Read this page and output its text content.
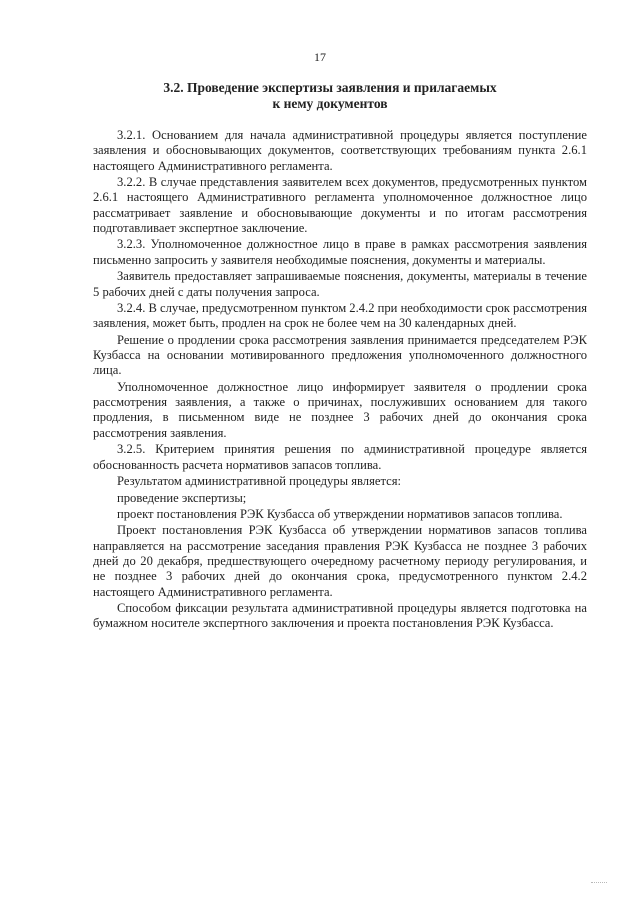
17
3.2. Проведение экспертизы заявления и прилагаемых
к нему документов

3.2.1. Основанием для начала административной процедуры является поступление заявления и обосновывающих документов, соответствующих требованиям пункта 2.6.1 настоящего Административного регламента.

3.2.2. В случае представления заявителем всех документов, предусмотренных пунктом 2.6.1 настоящего Административного регламента уполномоченное должностное лицо рассматривает заявление и обосновывающие документы и по итогам рассмотрения подготавливает экспертное заключение.

3.2.3. Уполномоченное должностное лицо в праве в рамках рассмотрения заявления письменно запросить у заявителя необходимые пояснения, документы и материалы.

Заявитель предоставляет запрашиваемые пояснения, документы, материалы в течение 5 рабочих дней с даты получения запроса.

3.2.4. В случае, предусмотренном пунктом 2.4.2 при необходимости срок рассмотрения заявления, может быть, продлен на срок не более чем на 30 календарных дней.

Решение о продлении срока рассмотрения заявления принимается председателем РЭК Кузбасса на основании мотивированного предложения уполномоченного должностного лица.

Уполномоченное должностное лицо информирует заявителя о продлении срока рассмотрения заявления, а также о причинах, послуживших основанием для такого продления, в письменном виде не позднее 3 рабочих дней до окончания срока рассмотрения заявления.

3.2.5. Критерием принятия решения по административной процедуре является обоснованность расчета нормативов запасов топлива.

Результатом административной процедуры является:

проведение экспертизы;

проект постановления РЭК Кузбасса об утверждении нормативов запасов топлива.

Проект постановления РЭК Кузбасса об утверждении нормативов запасов топлива направляется на рассмотрение заседания правления РЭК Кузбасса не позднее 3 рабочих дней до 20 декабря, предшествующего очередному расчетному периоду регулирования, и не позднее 3 рабочих дней до окончания срока, предусмотренного пунктом 2.4.2 настоящего Административного регламента.

Способом фиксации результата административной процедуры является подготовка на бумажном носителе экспертного заключения и проекта постановления РЭК Кузбасса.
